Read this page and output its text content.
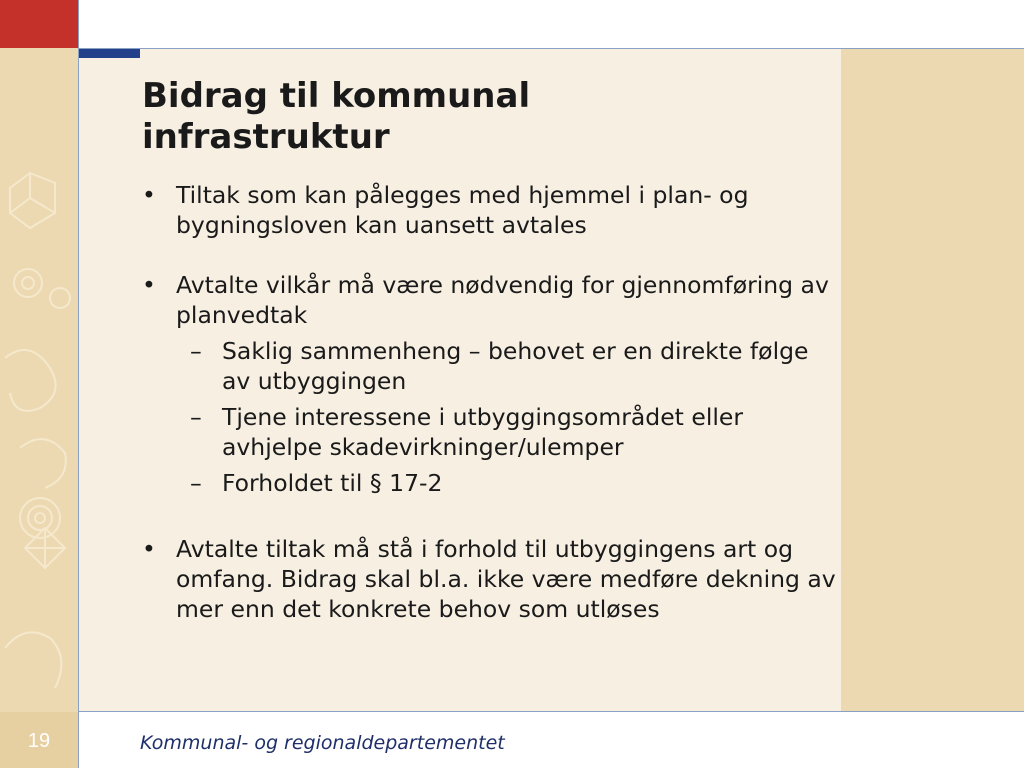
19
Bidrag til kommunal infrastruktur
• Tiltak som kan pålegges med hjemmel i plan- og bygningsloven kan uansett avtales
• Avtalte vilkår må være nødvendig for gjennomføring av planvedtak
– Saklig sammenheng – behovet er en direkte følge av utbyggingen
– Tjene interessene i utbyggingsområdet eller avhjelpe skadevirkninger/ulemper
– Forholdet til § 17-2
• Avtalte tiltak må stå i forhold til utbyggingens art og omfang. Bidrag skal bl.a. ikke være medføre dekning av mer enn det konkrete behov som utløses
Kommunal- og regionaldepartementet
